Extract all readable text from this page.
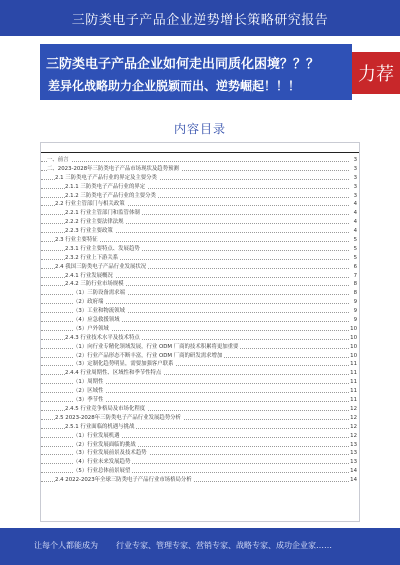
三防类电子产品企业逆势增长策略研究报告
三防类电子产品企业如何走出同质化困境？？？
差异化战略助力企业脱颖而出、逆势崛起！！！
力荐
内容目录
一、前言	3
二、2023-2028年三防类电子产品市场现状及趋势预测	3
2.1 三防类电子产品行业的界定及主要分类	3
2.1.1 三防类电子产品行业的界定	3
2.1.2 三防类电子产品行业的主要分类	3
2.2 行业主管部门与相关政策	4
2.2.1 行业主管部门和监管体制	4
2.2.2 行业主要法律法规	4
2.2.3 行业主要政策	4
2.3 行业主要特征	5
2.3.1 行业主要特点、发展趋势	5
2.3.2 行业上下游关系	5
2.4 我国三防类电子产品行业发展状况	6
2.4.1 行业发展概况	7
2.4.2 三防行业市场规模	8
（1）三防设备需求端	8
（2）政府端	9
（3）工业和物流领域	9
（4）应急救援领域	9
（5）户外领域	10
2.4.3 行业技术水平及技术特点	10
（1）向行业专精化领域发展，行业 ODM 厂商的技术积累将更加重要	10
（2）行业产品形态不断丰富，行业 ODM 厂商的研发需求增加	10
（3）定制化趋势明显，需要加强客户联系	11
2.4.4 行业周期性、区域性和季节性特点	11
（1）周期性	11
（2）区域性	11
（3）季节性	11
2.4.5 行业竞争格局及市场化程度	12
2.5 2023-2028年三防类电子产品行业发展趋势分析	12
2.5.1 行业面临的机遇与挑战	12
（1）行业发展机遇	12
（2）行业发展面临的挑战	13
（3）行业发展前景及技术趋势	13
（4）行业未来发展趋势	13
（5）行业总体前景展望	14
2.4 2022-2023年全球三防类电子产品行业市场格局分析	14
让每个人都能成为 行业专家、管理专家、营销专家、战略专家、成功企业家……
